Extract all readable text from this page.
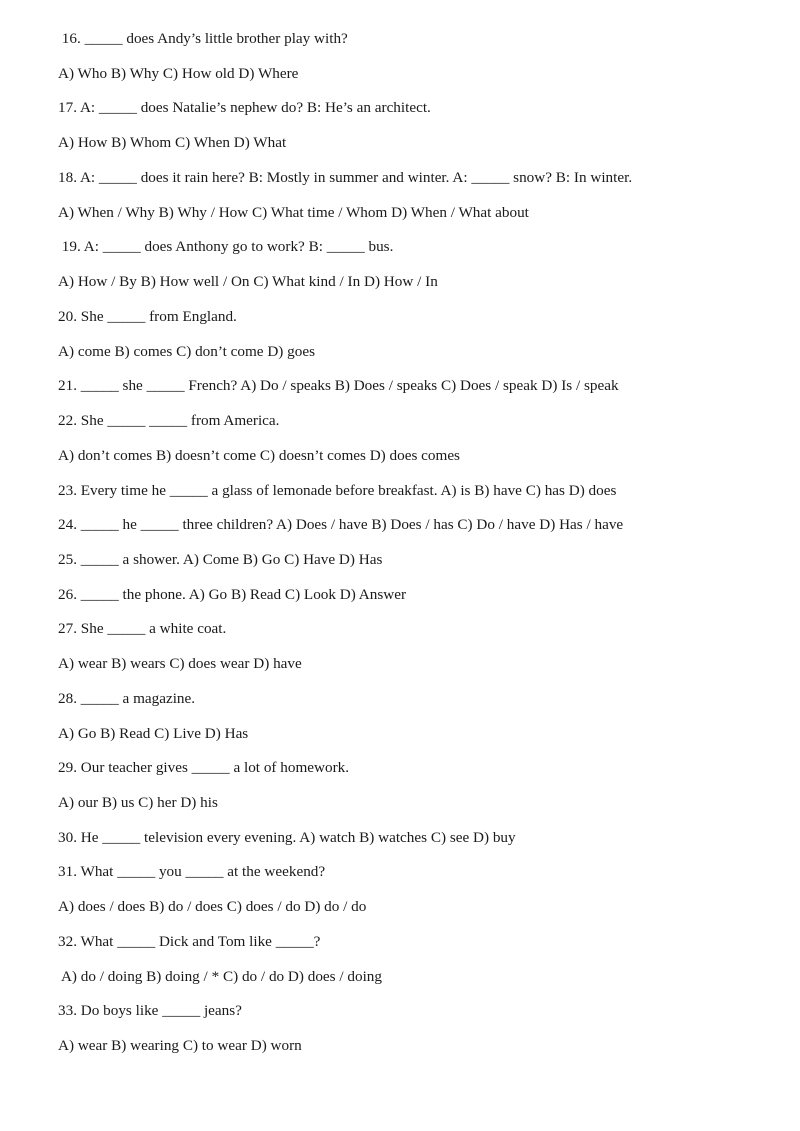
16. _____ does Andy’s little brother play with?
A) Who B) Why C) How old D) Where
17. A: _____ does Natalie’s nephew do? B: He’s an architect.
A) How B) Whom C) When D) What
18. A: _____ does it rain here? B: Mostly in summer and winter. A: _____ snow? B: In winter.
A) When / Why B) Why / How C) What time / Whom D) When / What about
19. A: _____ does Anthony go to work? B: _____ bus.
A) How / By B) How well / On C) What kind / In D) How / In
20. She _____ from England.
A) come B) comes C) don’t come D) goes
21. _____ she _____ French? A) Do / speaks B) Does / speaks C) Does / speak D) Is / speak
22. She _____ _____ from America.
A) don’t comes B) doesn’t come C) doesn’t comes D) does comes
23. Every time he _____ a glass of lemonade before breakfast. A) is B) have C) has D) does
24. _____ he _____ three children? A) Does / have B) Does / has C) Do / have D) Has / have
25. _____ a shower. A) Come B) Go C) Have D) Has
26. _____ the phone. A) Go B) Read C) Look D) Answer
27. She _____ a white coat.
A) wear B) wears C) does wear D) have
28. _____ a magazine.
A) Go B) Read C) Live D) Has
29. Our teacher gives _____ a lot of homework.
A) our B) us C) her D) his
30. He _____ television every evening. A) watch B) watches C) see D) buy
31. What _____ you _____ at the weekend?
A) does / does B) do / does C) does / do D) do / do
32. What _____ Dick and Tom like _____?
A) do / doing B) doing / * C) do / do D) does / doing
33. Do boys like _____ jeans?
A) wear B) wearing C) to wear D) worn
